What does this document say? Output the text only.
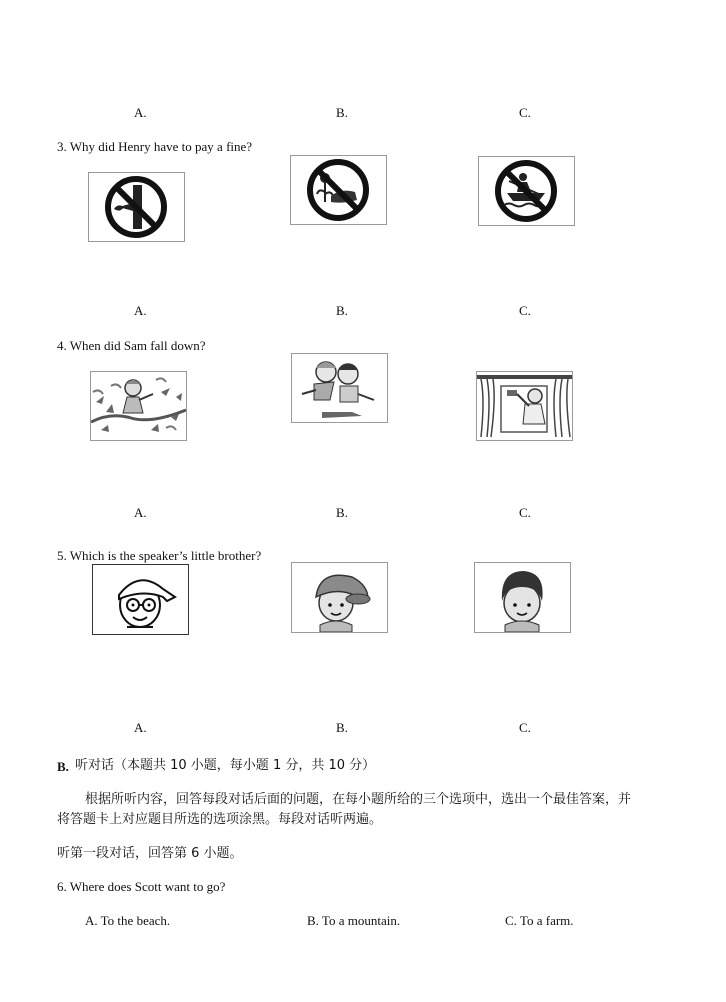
A.	B.	C.
3. Why did Henry have to pay a fine?
A.	B.	C.
4. When did Sam fall down?
A.	B.	C.
5. Which is the speaker’s little brother?
A.	B.	C.
B. 听对话（本题共 10 小题，每小题 1 分，共 10 分）
根据所听内容，回答每段对话后面的问题，在每小题所给的三个选项中，选出一个最佳答案，并
将答题卡上对应题目所选的选项涂黑。每段对话听两遍。
听第一段对话，回答第 6 小题。
6. Where does Scott want to go?
A. To the beach.	B. To a mountain.	C. To a farm.
